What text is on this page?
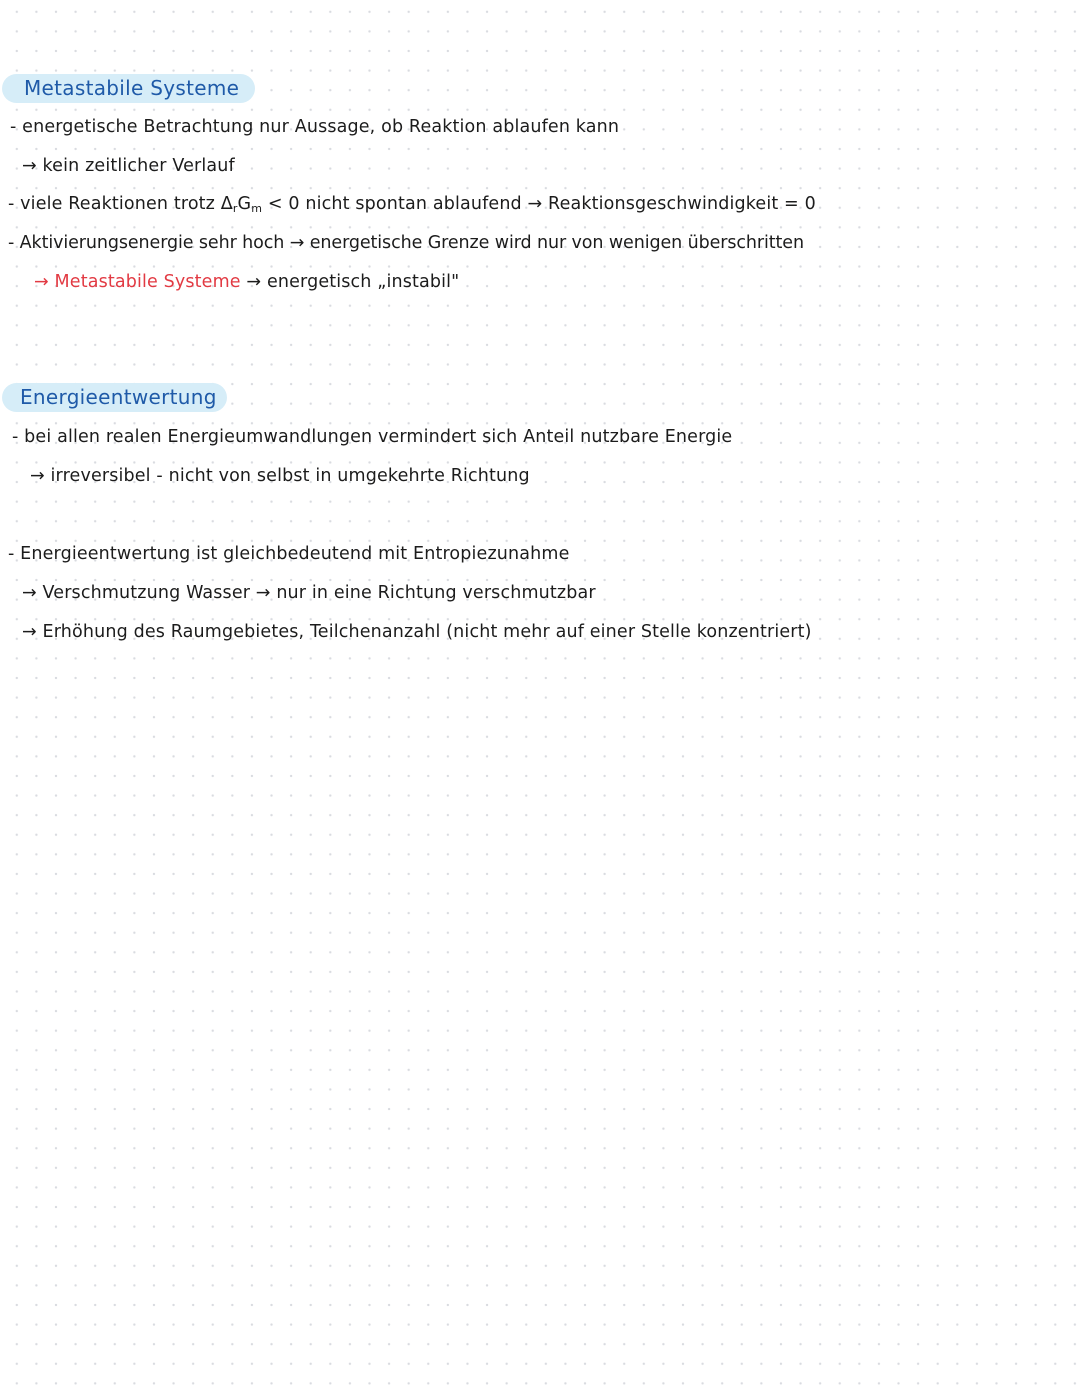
Metastabile Systeme
- energetische Betrachtung nur Aussage, ob Reaktion ablaufen kann
→ kein zeitlicher Verlauf
- viele Reaktionen trotz $\Delta_rG_m < 0$ nicht spontan ablaufend → Reaktionsgeschwindigkeit = 0
- Aktivierungsenergie sehr hoch → energetische Grenze wird nur von wenigen überschritten
→ Metastabile Systeme → energetisch „instabil"
Energieentwertung
- bei allen realen Energieumwandlungen vermindert sich Anteil nutzbare Energie
→ irreversibel - nicht von selbst in umgekehrte Richtung
- Energieentwertung ist gleichbedeutend mit Entropiezunahme
→ Verschmutzung Wasser → nur in eine Richtung verschmutzbar
→ Erhöhung des Raumgebietes, Teilchenanzahl (nicht mehr auf einer Stelle konzentriert)
